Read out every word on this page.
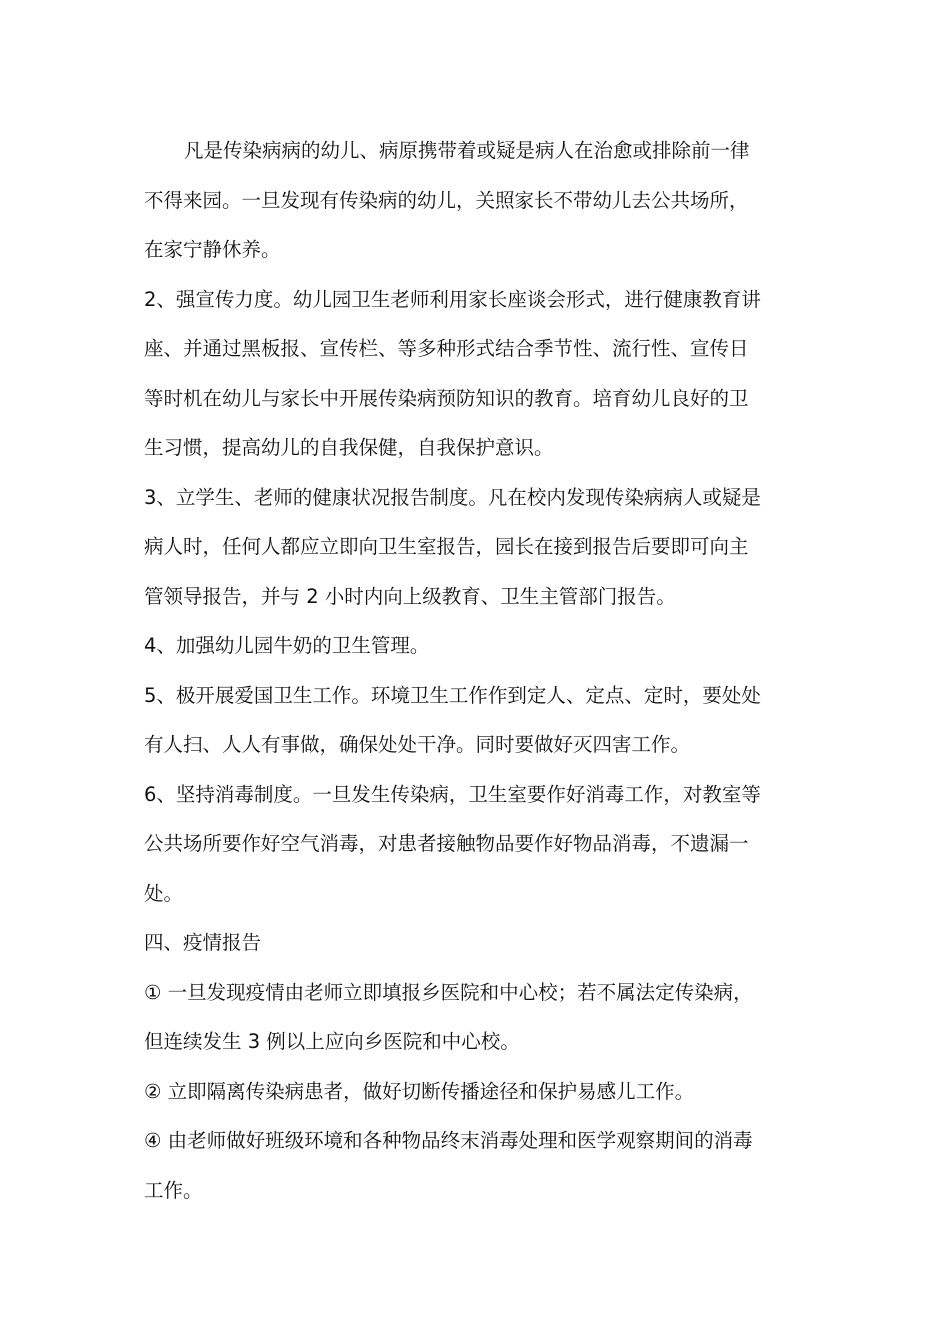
凡是传染病病的幼儿、病原携带着或疑是病人在治愈或排除前一律
不得来园。一旦发现有传染病的幼儿，关照家长不带幼儿去公共场所，
在家宁静休养。
2、强宣传力度。幼儿园卫生老师利用家长座谈会形式，进行健康教育讲
座、并通过黑板报、宣传栏、等多种形式结合季节性、流行性、宣传日
等时机在幼儿与家长中开展传染病预防知识的教育。培育幼儿良好的卫
生习惯，提高幼儿的自我保健，自我保护意识。
3、立学生、老师的健康状况报告制度。凡在校内发现传染病病人或疑是
病人时，任何人都应立即向卫生室报告，园长在接到报告后要即可向主
管领导报告，并与 2 小时内向上级教育、卫生主管部门报告。
4、加强幼儿园牛奶的卫生管理。
5、极开展爱国卫生工作。环境卫生工作作到定人、定点、定时，要处处
有人扫、人人有事做，确保处处干净。同时要做好灭四害工作。
6、坚持消毒制度。一旦发生传染病，卫生室要作好消毒工作，对教室等
公共场所要作好空气消毒，对患者接触物品要作好物品消毒，不遗漏一
处。
四、疫情报告
① 一旦发现疫情由老师立即填报乡医院和中心校；若不属法定传染病，
但连续发生 3 例以上应向乡医院和中心校。
② 立即隔离传染病患者，做好切断传播途径和保护易感儿工作。
④ 由老师做好班级环境和各种物品终末消毒处理和医学观察期间的消毒
工作。
